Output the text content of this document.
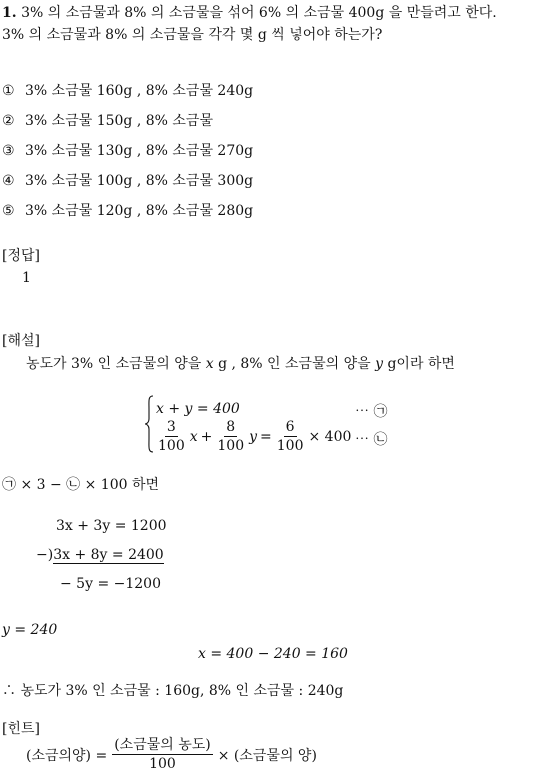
1. 3% 의 소금물과 8% 의 소금물을 섞어 6% 의 소금물 400g 을 만들려고 한다.
3% 의 소금물과 8% 의 소금물을 각각 몇 g 씩 넣어야 하는가?
① 3% 소금물 160g , 8% 소금물 240g
② 3% 소금물 150g , 8% 소금물
③ 3% 소금물 130g , 8% 소금물 270g
④ 3% 소금물 100g , 8% 소금물 300g
⑤ 3% 소금물 120g , 8% 소금물 280g
[정답]
1
[해설]
농도가 3% 인 소금물의 양을 x g , 8% 인 소금물의 양을 y g이라 하면
x + y = 400	⋯ ㉠
$\frac{3}{100}$ $x + \frac{8}{100}$ $y = \frac{6}{100} \times 400$ ⋯ ㉡
㉠ × 3 − ㉡ × 100 하면
3x + 3y = 1200
−)3x + 8y = 2400
− 5y = −1200
y = 240
x = 400 − 240 = 160
∴ 농도가 3% 인 소금물 : 160g, 8% 인 소금물 : 240g
[힌트]
(소금의양) = $\frac{\text{(소금물의 농도)}}{100}$ × (소금물의 양)
